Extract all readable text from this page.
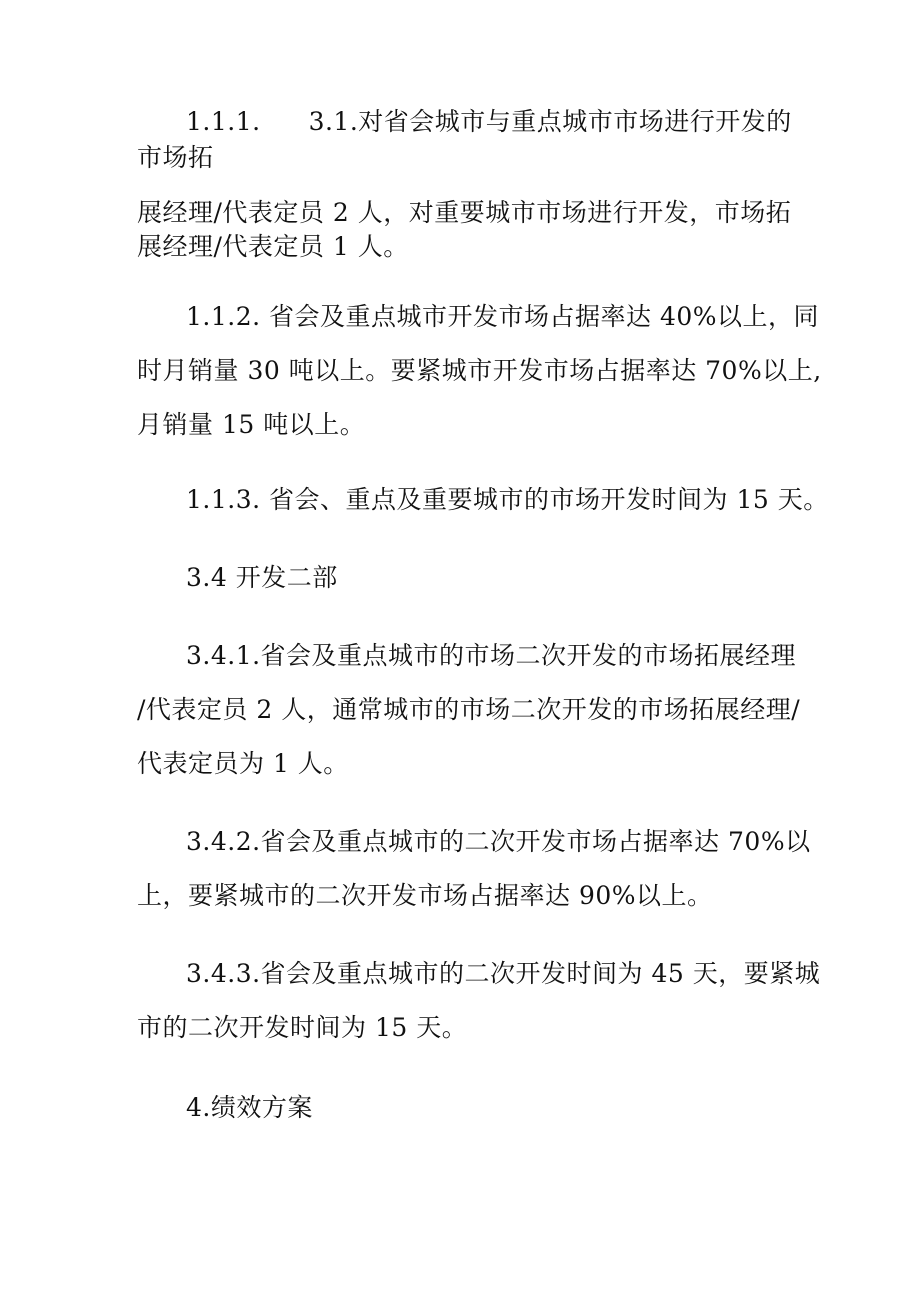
1.1.1. 3.1.对省会城市与重点城市市场进行开发的
市场拓
展经理/代表定员 2 人，对重要城市市场进行开发，市场拓
展经理/代表定员 1 人。
1.1.2. 省会及重点城市开发市场占据率达 40%以上，同
时月销量 30 吨以上。要紧城市开发市场占据率达 70%以上,
月销量 15 吨以上。
1.1.3. 省会、重点及重要城市的市场开发时间为 15 天。
3.4 开发二部
3.4.1.省会及重点城市的市场二次开发的市场拓展经理
/代表定员 2 人，通常城市的市场二次开发的市场拓展经理/
代表定员为 1 人。
3.4.2.省会及重点城市的二次开发市场占据率达 70%以
上，要紧城市的二次开发市场占据率达 90%以上。
3.4.3.省会及重点城市的二次开发时间为 45 天，要紧城
市的二次开发时间为 15 天。
4.绩效方案
